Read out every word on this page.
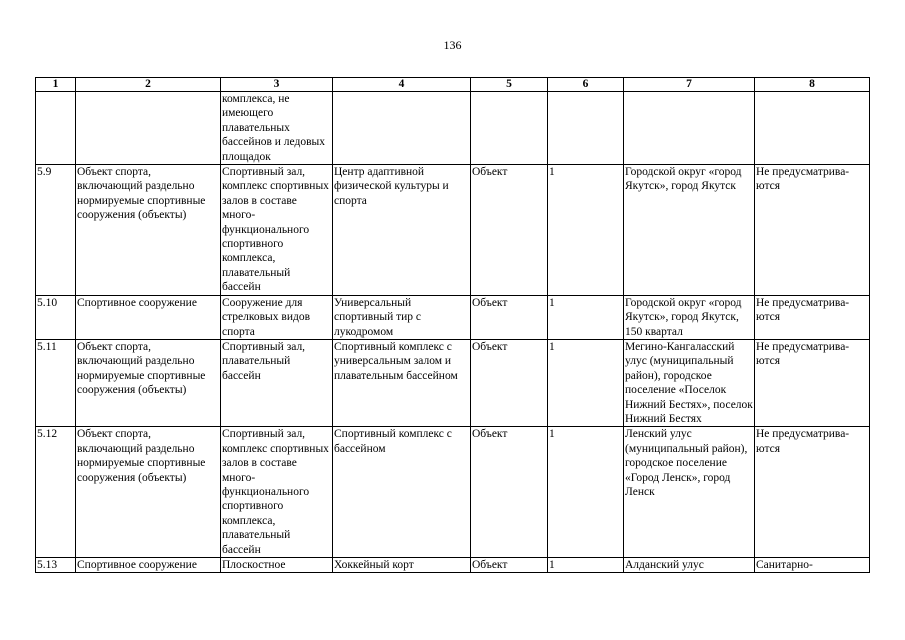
136
1	2	3	4	5	6	7	8
		комплекса, не имеющего плавательных бассейнов и ледовых площадок					
5.9	Объект спорта, включающий раздельно нормируемые спортивные сооружения (объекты)	Спортивный зал, комплекс спортивных залов в составе много-функционального спортивного комплекса, плавательный бассейн	Центр адаптивной физической культуры и спорта	Объект	1	Городской округ «город Якутск», город Якутск	Не предусматрива-ются
5.10	Спортивное сооружение	Сооружение для стрелковых видов спорта	Универсальный спортивный тир с лукодромом	Объект	1	Городской округ «город Якутск», город Якутск, 150 квартал	Не предусматрива-ются
5.11	Объект спорта, включающий раздельно нормируемые спортивные сооружения (объекты)	Спортивный зал, плавательный бассейн	Спортивный комплекс с универсальным залом и плавательным бассейном	Объект	1	Мегино-Кангаласский улус (муниципальный район), городское поселение «Поселок Нижний Бестях», поселок Нижний Бестях	Не предусматрива-ются
5.12	Объект спорта, включающий раздельно нормируемые спортивные сооружения (объекты)	Спортивный зал, комплекс спортивных залов в составе много-функционального спортивного комплекса, плавательный бассейн	Спортивный комплекс с бассейном	Объект	1	Ленский улус (муниципальный район), городское поселение «Город Ленск», город Ленск	Не предусматрива-ются
5.13	Спортивное сооружение	Плоскостное	Хоккейный корт	Объект	1	Алданский улус	Санитарно-
